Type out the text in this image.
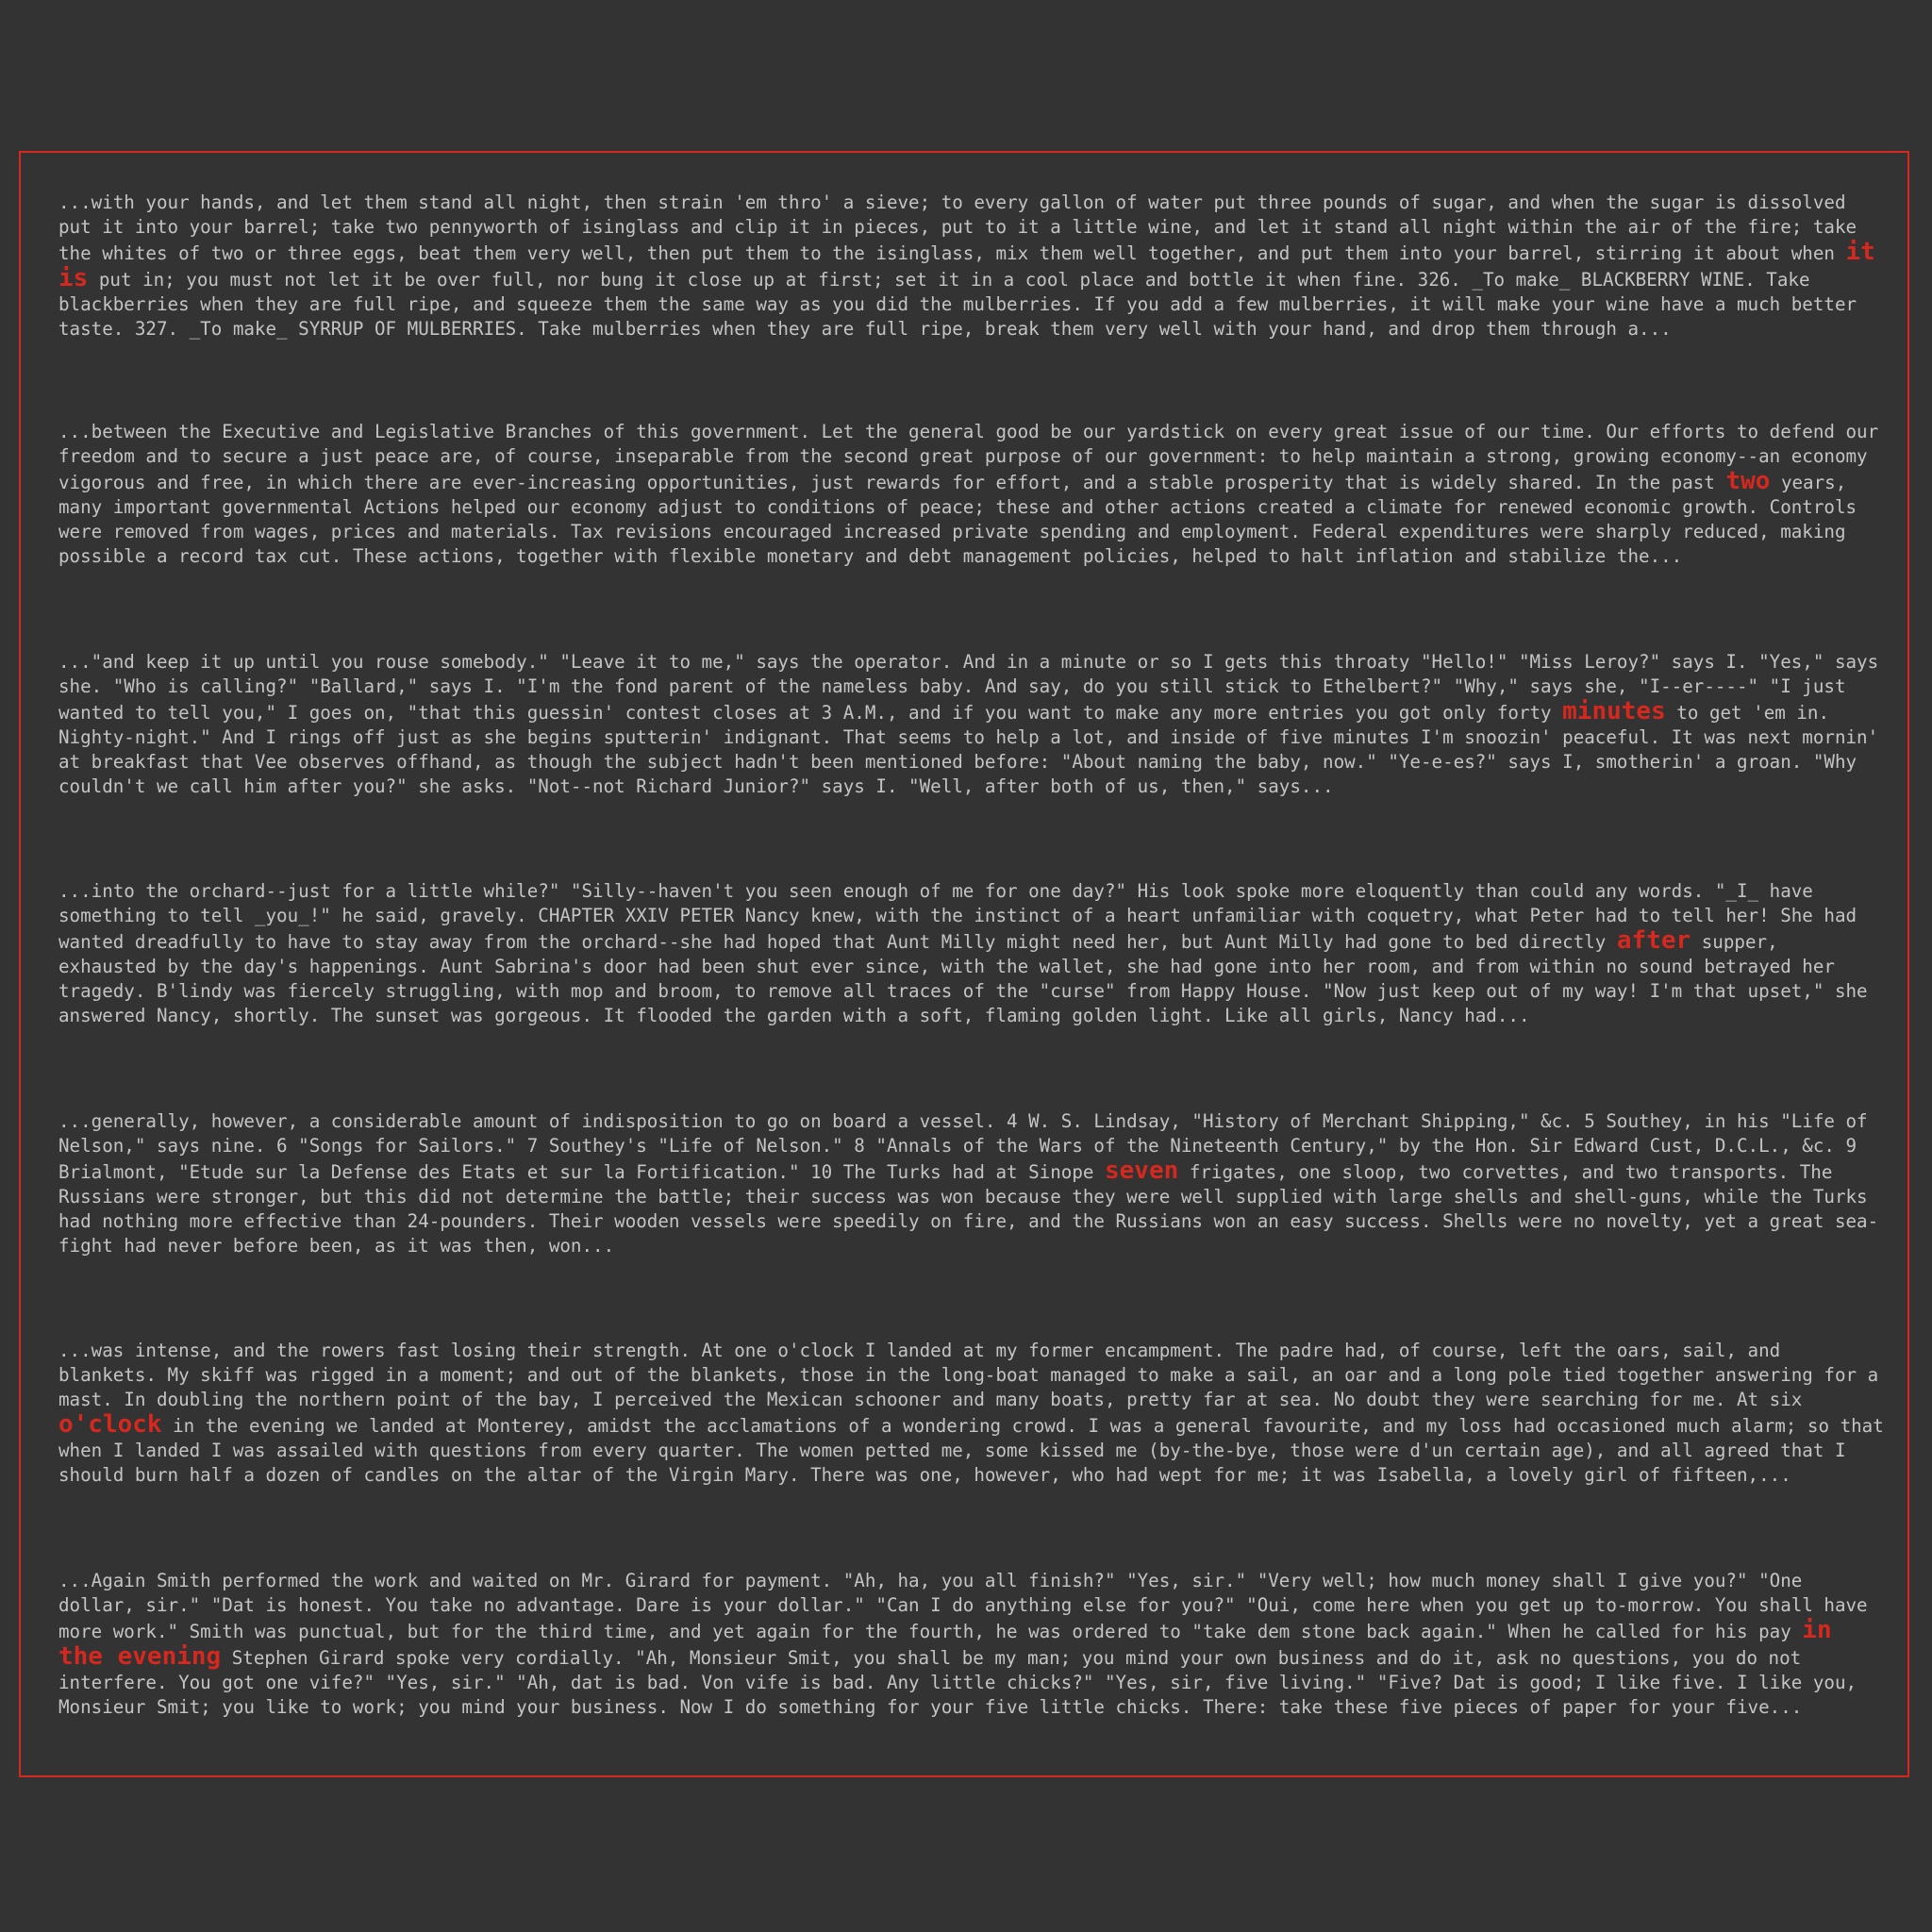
...with your hands, and let them stand all night, then strain 'em thro' a sieve; to every gallon of water put three pounds of sugar, and when the sugar is dissolved put it into your barrel; take two pennyworth of isinglass and clip it in pieces, put to it a little wine, and let it stand all night within the air of the fire; take the whites of two or three eggs, beat them very well, then put them to the isinglass, mix them well together, and put them into your barrel, stirring it about when it is put in; you must not let it be over full, nor bung it close up at first; set it in a cool place and bottle it when fine. 326. _To make_ BLACKBERRY WINE. Take blackberries when they are full ripe, and squeeze them the same way as you did the mulberries. If you add a few mulberries, it will make your wine have a much better taste. 327. _To make_ SYRRUP OF MULBERRIES. Take mulberries when they are full ripe, break them very well with your hand, and drop them through a...

...between the Executive and Legislative Branches of this government. Let the general good be our yardstick on every great issue of our time. Our efforts to defend our freedom and to secure a just peace are, of course, inseparable from the second great purpose of our government: to help maintain a strong, growing economy--an economy vigorous and free, in which there are ever-increasing opportunities, just rewards for effort, and a stable prosperity that is widely shared. In the past two years, many important governmental Actions helped our economy adjust to conditions of peace; these and other actions created a climate for renewed economic growth. Controls were removed from wages, prices and materials. Tax revisions encouraged increased private spending and employment. Federal expenditures were sharply reduced, making possible a record tax cut. These actions, together with flexible monetary and debt management policies, helped to halt inflation and stabilize the...

..."and keep it up until you rouse somebody." "Leave it to me," says the operator. And in a minute or so I gets this throaty "Hello!" "Miss Leroy?" says I. "Yes," says she. "Who is calling?" "Ballard," says I. "I'm the fond parent of the nameless baby. And say, do you still stick to Ethelbert?" "Why," says she, "I--er----" "I just wanted to tell you," I goes on, "that this guessin' contest closes at 3 A.M., and if you want to make any more entries you got only forty minutes to get 'em in. Nighty-night." And I rings off just as she begins sputterin' indignant. That seems to help a lot, and inside of five minutes I'm snoozin' peaceful. It was next mornin' at breakfast that Vee observes offhand, as though the subject hadn't been mentioned before: "About naming the baby, now." "Ye-e-es?" says I, smotherin' a groan. "Why couldn't we call him after you?" she asks. "Not--not Richard Junior?" says I. "Well, after both of us, then," says...

...into the orchard--just for a little while?" "Silly--haven't you seen enough of me for one day?" His look spoke more eloquently than could any words. "_I_ have something to tell _you_!" he said, gravely. CHAPTER XXIV PETER Nancy knew, with the instinct of a heart unfamiliar with coquetry, what Peter had to tell her! She had wanted dreadfully to have to stay away from the orchard--she had hoped that Aunt Milly might need her, but Aunt Milly had gone to bed directly after supper, exhausted by the day's happenings. Aunt Sabrina's door had been shut ever since, with the wallet, she had gone into her room, and from within no sound betrayed her tragedy. B'lindy was fiercely struggling, with mop and broom, to remove all traces of the "curse" from Happy House. "Now just keep out of my way! I'm that upset," she answered Nancy, shortly. The sunset was gorgeous. It flooded the garden with a soft, flaming golden light. Like all girls, Nancy had...

...generally, however, a considerable amount of indisposition to go on board a vessel. 4 W. S. Lindsay, "History of Merchant Shipping," &c. 5 Southey, in his "Life of Nelson," says nine. 6 "Songs for Sailors." 7 Southey's "Life of Nelson." 8 "Annals of the Wars of the Nineteenth Century," by the Hon. Sir Edward Cust, D.C.L., &c. 9 Brialmont, "Etude sur la Defense des Etats et sur la Fortification." 10 The Turks had at Sinope seven frigates, one sloop, two corvettes, and two transports. The Russians were stronger, but this did not determine the battle; their success was won because they were well supplied with large shells and shell-guns, while the Turks had nothing more effective than 24-pounders. Their wooden vessels were speedily on fire, and the Russians won an easy success. Shells were no novelty, yet a great sea-fight had never before been, as it was then, won...

...was intense, and the rowers fast losing their strength. At one o'clock I landed at my former encampment. The padre had, of course, left the oars, sail, and blankets. My skiff was rigged in a moment; and out of the blankets, those in the long-boat managed to make a sail, an oar and a long pole tied together answering for a mast. In doubling the northern point of the bay, I perceived the Mexican schooner and many boats, pretty far at sea. No doubt they were searching for me. At six o'clock in the evening we landed at Monterey, amidst the acclamations of a wondering crowd. I was a general favourite, and my loss had occasioned much alarm; so that when I landed I was assailed with questions from every quarter. The women petted me, some kissed me (by-the-bye, those were d'un certain age), and all agreed that I should burn half a dozen of candles on the altar of the Virgin Mary. There was one, however, who had wept for me; it was Isabella, a lovely girl of fifteen,...

...Again Smith performed the work and waited on Mr. Girard for payment. "Ah, ha, you all finish?" "Yes, sir." "Very well; how much money shall I give you?" "One dollar, sir." "Dat is honest. You take no advantage. Dare is your dollar." "Can I do anything else for you?" "Oui, come here when you get up to-morrow. You shall have more work." Smith was punctual, but for the third time, and yet again for the fourth, he was ordered to "take dem stone back again." When he called for his pay in the evening Stephen Girard spoke very cordially. "Ah, Monsieur Smit, you shall be my man; you mind your own business and do it, ask no questions, you do not interfere. You got one vife?" "Yes, sir." "Ah, dat is bad. Von vife is bad. Any little chicks?" "Yes, sir, five living." "Five? Dat is good; I like five. I like you, Monsieur Smit; you like to work; you mind your business. Now I do something for your five little chicks. There: take these five pieces of paper for your five...
